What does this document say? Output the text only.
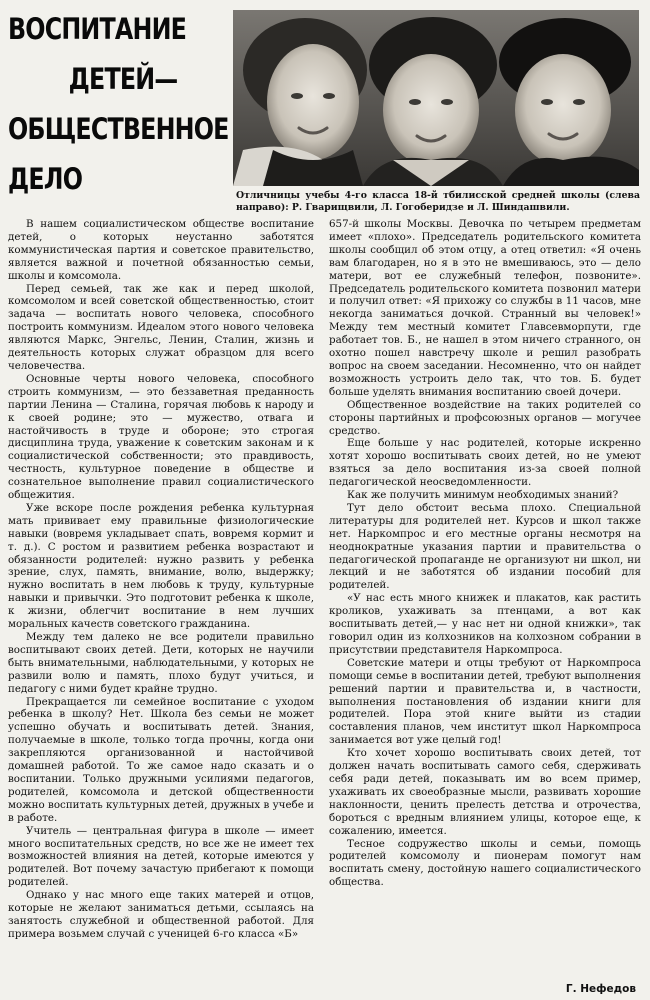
ВОСПИТАНИЕ
ДЕТЕЙ—
ОБЩЕСТВЕННОЕ
ДЕЛО	Отличницы учебы 4-го класса 18-й тбилисской средней школы (слева направо): Р. Гварищвили, Л. Гогоберидзе и Л. Шиндашвили.

В нашем социалистическом обществе воспитание детей, о которых неустанно заботятся коммунистическая партия и советское правительство, является важной и почетной обязанностью семьи, школы и комсомола.

Перед семьей, так же как и перед школой, комсомолом и всей советской общественностью, стоит задача — воспитать нового человека, способного построить коммунизм. Идеалом этого нового человека являются Маркс, Энгельс, Ленин, Сталин, жизнь и деятельность которых служат образцом для всего человечества.

Основные черты нового человека, способного строить коммунизм, — это беззаветная преданность партии Ленина — Сталина, горячая любовь к народу и к своей родине; это — мужество, отвага и настойчивость в труде и обороне; это строгая дисциплина труда, уважение к советским законам и к социалистической собственности; это правдивость, честность, культурное поведение в обществе и сознательное выполнение правил социалистического общежития.

Уже вскоре после рождения ребенка культурная мать прививает ему правильные физиологические навыки (вовремя укладывает спать, вовремя кормит и т. д.). С ростом и развитием ребенка возрастают и обязанности родителей: нужно развить у ребенка зрение, слух, память, внимание, волю, выдержку; нужно воспитать в нем любовь к труду, культурные навыки и привычки. Это подготовит ребенка к школе, к жизни, облегчит воспитание в нем лучших моральных качеств советского гражданина.

Между тем далеко не все родители правильно воспитывают своих детей. Дети, которых не научили быть внимательными, наблюдательными, у которых не развили волю и память, плохо будут учиться, и педагогу с ними будет крайне трудно.

Прекращается ли семейное воспитание с уходом ребенка в школу? Нет. Школа без семьи не может успешно обучать и воспитывать детей. Знания, получаемые в школе, только тогда прочны, когда они закрепляются организованной и настойчивой домашней работой. То же самое надо сказать и о воспитании. Только дружными усилиями педагогов, родителей, комсомола и детской общественности можно воспитать культурных детей, дружных в учебе и в работе.

Учитель — центральная фигура в школе — имеет много воспитательных средств, но все же не имеет тех возможностей влияния на детей, которые имеются у родителей. Вот почему зачастую прибегают к помощи родителей.

Однако у нас много еще таких матерей и отцов, которые не желают заниматься детьми, ссылаясь на занятость служебной и общественной работой. Для примера возьмем случай с ученицей 6-го класса «Б»

657-й школы Москвы. Девочка по четырем предметам имеет «плохо». Председатель родительского комитета школы сообщил об этом отцу, а отец ответил: «Я очень вам благодарен, но я в это не вмешиваюсь, это — дело матери, вот ее служебный телефон, позвоните». Председатель родительского комитета позвонил матери и получил ответ: «Я прихожу со службы в 11 часов, мне некогда заниматься дочкой. Странный вы человек!» Между тем местный комитет Главсевморпути, где работает тов. Б., не нашел в этом ничего странного, он охотно пошел навстречу школе и решил разобрать вопрос на своем заседании. Несомненно, что он найдет возможность устроить дело так, что тов. Б. будет больше уделять внимания воспитанию своей дочери.

Общественное воздействие на таких родителей со стороны партийных и профсоюзных органов — могучее средство.

Еще больше у нас родителей, которые искренно хотят хорошо воспитывать своих детей, но не умеют взяться за дело воспитания из-за своей полной педагогической неосведомленности.

Как же получить минимум необходимых знаний?

Тут дело обстоит весьма плохо. Специальной литературы для родителей нет. Курсов и школ также нет. Наркомпрос и его местные органы несмотря на неоднократные указания партии и правительства о педагогической пропаганде не организуют ни школ, ни лекций и не заботятся об издании пособий для родителей.

«У нас есть много книжек и плакатов, как растить кроликов, ухаживать за птенцами, а вот как воспитывать детей,— у нас нет ни одной книжки», так говорил один из колхозников на колхозном собрании в присутствии представителя Наркомпроса.

Советские матери и отцы требуют от Наркомпроса помощи семье в воспитании детей, требуют выполнения решений партии и правительства и, в частности, выполнения постановления об издании книги для родителей. Пора этой книге выйти из стадии составления планов, чем институт школ Наркомпроса занимается вот уже целый год!

Кто хочет хорошо воспитывать своих детей, тот должен начать воспитывать самого себя, сдерживать себя ради детей, показывать им во всем пример, ухаживать их своеобразные мысли, развивать хорошие наклонности, ценить прелесть детства и отрочества, бороться с вредным влиянием улицы, которое еще, к сожалению, имеется.

Тесное содружество школы и семьи, помощь родителей комсомолу и пионерам помогут нам воспитать смену, достойную нашего социалистического общества.

Г. Нефедов
